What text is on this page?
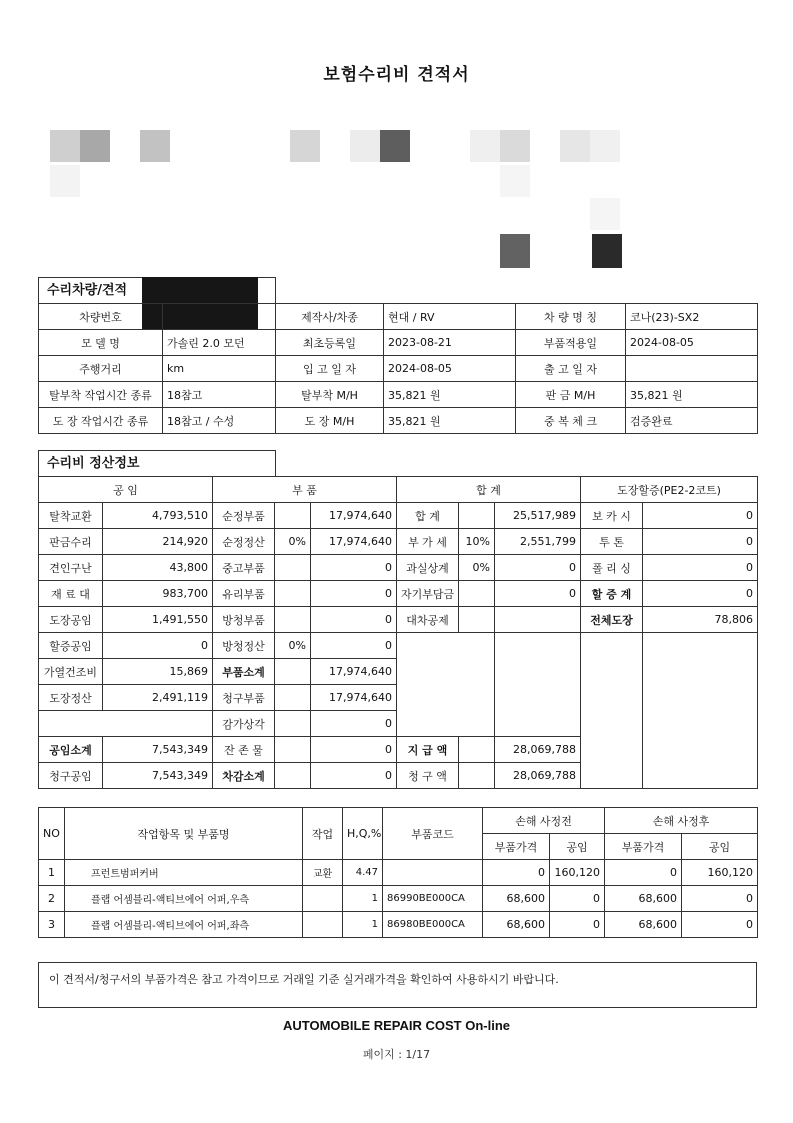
보험수리비 견적서
수리차량/견적
차량번호		제작사/차종	현대 / RV	차 량 명 칭	코나(23)-SX2
모 델 명	가솔린 2.0 모던	최초등록일	2023-08-21	부품적용일	2024-08-05
주행거리	km	입 고 일 자	2024-08-05	출 고 일 자	
탈부착 작업시간 종류	18참고	탈부착 M/H	35,821 원	판 금 M/H	35,821 원
도 장 작업시간 종류	18참고 / 수성	도 장 M/H	35,821 원	중 복 체 크	검증완료
수리비 정산정보
공 임		부 품			합 계			도장할증(PE2-2코트)	
탈착교환	4,793,510	순정부품		17,974,640	합 계		25,517,989	보 카 시	0
판금수리	214,920	순정정산	0%	17,974,640	부 가 세	10%	2,551,799	투 톤	0
견인구난	43,800	중고부품		0	과실상계	0%	0	폴 리 싱	0
재 료 대	983,700	유리부품		0	자기부담금		0	할 증 계	0
도장공임	1,491,550	방청부품		0	대차공제			전체도장	78,806
할증공임	0	방청정산	0%	0					
가열건조비	15,869	부품소계		17,974,640					
도장정산	2,491,119	청구부품		17,974,640					
		감가상각		0					
공임소계	7,543,349	잔 존 물		0	지 급 액		28,069,788		
청구공임	7,543,349	차감소계		0	청 구 액		28,069,788		
NO	작업항목 및 부품명	작업	H,Q,%	부품코드	손해 사정전		손해 사정후	
					부품가격	공임	부품가격	공임
1	프런트범퍼커버	교환	4.47		0	160,120	0	160,120
2	플랩 어셈블리-액티브에어 어퍼,우측		1	86990BE000CA	68,600	0	68,600	0
3	플랩 어셈블리-액티브에어 어퍼,좌측		1	86980BE000CA	68,600	0	68,600	0
이 견적서/청구서의 부품가격은 참고 가격이므로 거래일 기준 실거래가격을 확인하여 사용하시기 바랍니다.
AUTOMOBILE REPAIR COST On-line
페이지 : 1/17
